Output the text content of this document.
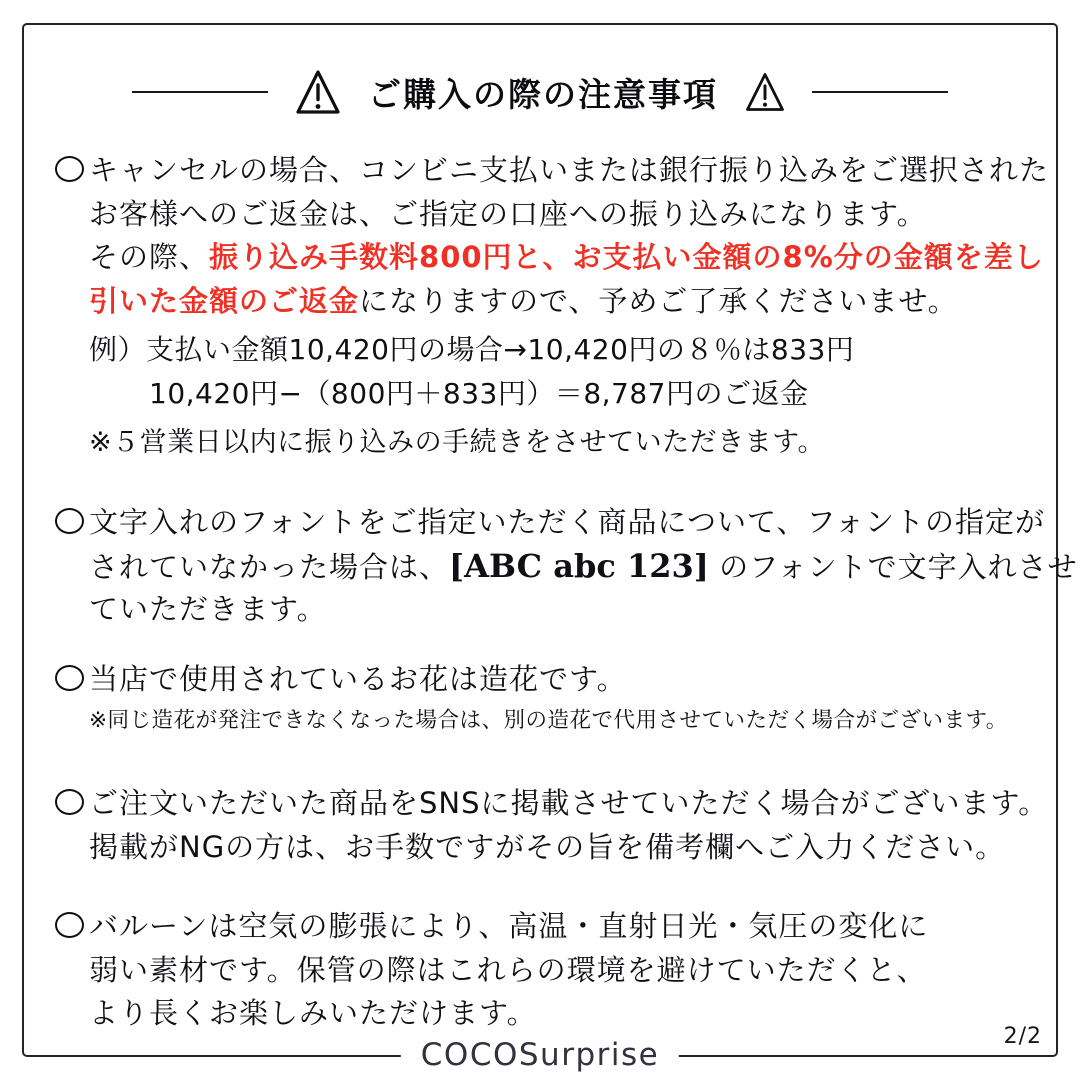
ご購入の際の注意事項
キャンセルの場合、コンビニ支払いまたは銀行振り込みをご選択された
お客様へのご返金は、ご指定の口座への振り込みになります。
その際、振り込み手数料800円と、お支払い金額の8%分の金額を差し
引いた金額のご返金になりますので、予めご了承くださいませ。
例）支払い金額10,420円の場合→10,420円の８％は833円
10,420円−（800円＋833円）＝8,787円のご返金
※５営業日以内に振り込みの手続きをさせていただきます。
文字入れのフォントをご指定いただく商品について、フォントの指定が
されていなかった場合は、[ABC abc 123] のフォントで文字入れさせ
ていただきます。
当店で使用されているお花は造花です。
※同じ造花が発注できなくなった場合は、別の造花で代用させていただく場合がございます。
ご注文いただいた商品をSNSに掲載させていただく場合がございます。
掲載がNGの方は、お手数ですがその旨を備考欄へご入力ください。
バルーンは空気の膨張により、高温・直射日光・気圧の変化に
弱い素材です。保管の際はこれらの環境を避けていただくと、
より長くお楽しみいただけます。
2/2
COCOSurprise
